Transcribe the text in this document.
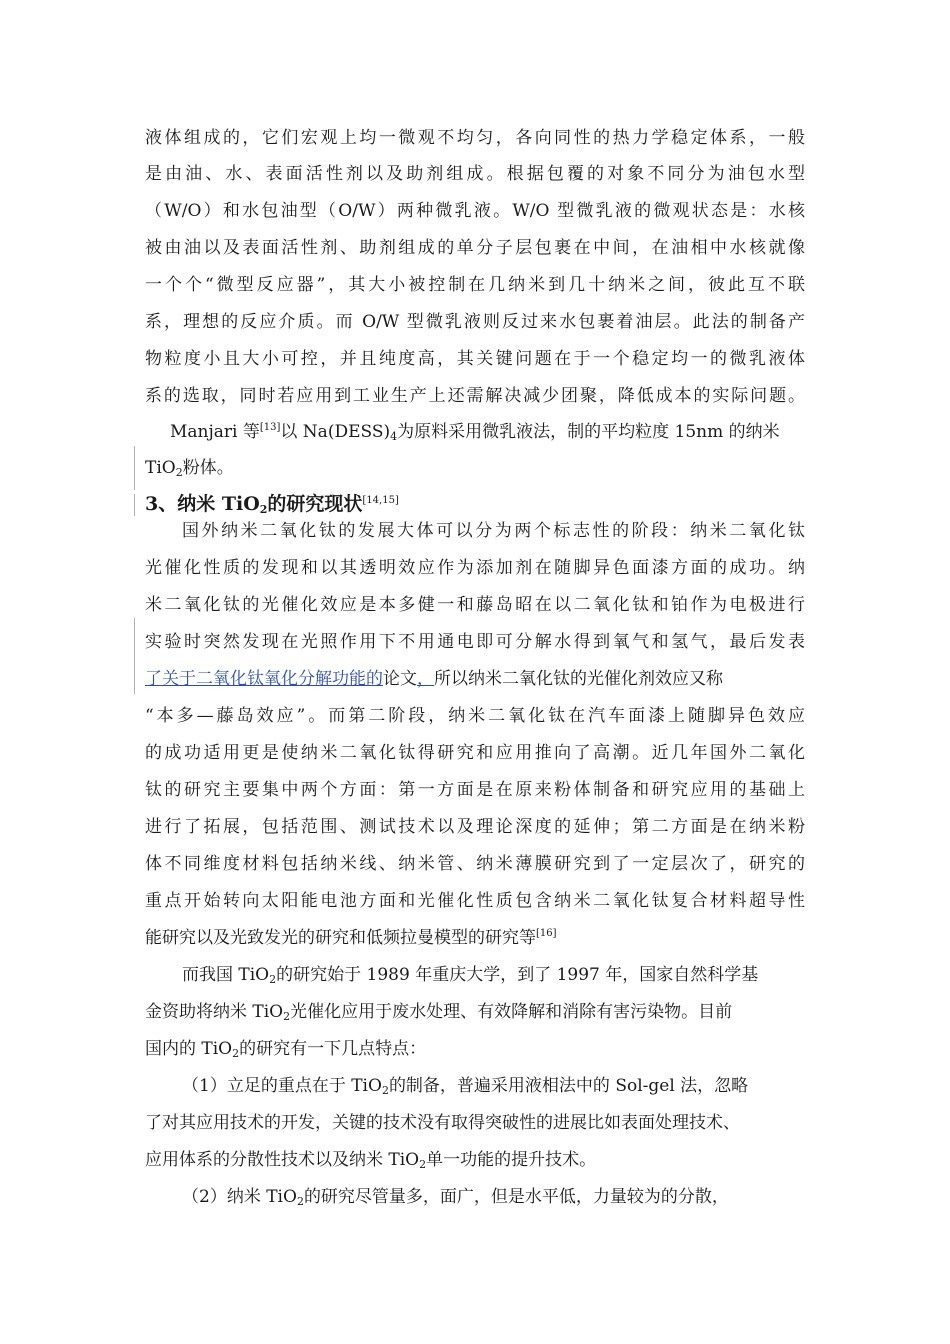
液体组成的，它们宏观上均一微观不均匀，各向同性的热力学稳定体系，一般
是由油、水、表面活性剂以及助剂组成。根据包覆的对象不同分为油包水型
（W/O）和水包油型（O/W）两种微乳液。W/O 型微乳液的微观状态是：水核
被由油以及表面活性剂、助剂组成的单分子层包裹在中间，在油相中水核就像
一个个“微型反应器”，其大小被控制在几纳米到几十纳米之间，彼此互不联
系，理想的反应介质。而 O/W 型微乳液则反过来水包裹着油层。此法的制备产
物粒度小且大小可控，并且纯度高，其关键问题在于一个稳定均一的微乳液体
系的选取，同时若应用到工业生产上还需解决减少团聚，降低成本的实际问题。
Manjari 等[13]以 $Na(DESS)_4$为原料采用微乳液法，制的平均粒度 15nm 的纳米
TiO$_2$粉体。
3、纳米 TiO$_2$的研究现状[14,15]
国外纳米二氧化钛的发展大体可以分为两个标志性的阶段：纳米二氧化钛
光催化性质的发现和以其透明效应作为添加剂在随脚异色面漆方面的成功。纳
米二氧化钛的光催化效应是本多健一和藤岛昭在以二氧化钛和铂作为电极进行
实验时突然发现在光照作用下不用通电即可分解水得到氧气和氢气，最后发表
了关于二氧化钛氧化分解功能的论文，所以纳米二氧化钛的光催化剂效应又称
“本多—藤岛效应”。而第二阶段，纳米二氧化钛在汽车面漆上随脚异色效应
的成功适用更是使纳米二氧化钛得研究和应用推向了高潮。近几年国外二氧化
钛的研究主要集中两个方面：第一方面是在原来粉体制备和研究应用的基础上
进行了拓展，包括范围、测试技术以及理论深度的延伸；第二方面是在纳米粉
体不同维度材料包括纳米线、纳米管、纳米薄膜研究到了一定层次了，研究的
重点开始转向太阳能电池方面和光催化性质包含纳米二氧化钛复合材料超导性
能研究以及光致发光的研究和低频拉曼模型的研究等[16]
而我国 TiO$_2$的研究始于 1989 年重庆大学，到了 1997 年，国家自然科学基
金资助将纳米 TiO$_2$光催化应用于废水处理、有效降解和消除有害污染物。目前
国内的 TiO$_2$的研究有一下几点特点：
（1）立足的重点在于 TiO$_2$的制备，普遍采用液相法中的 Sol-gel 法，忽略
了对其应用技术的开发，关键的技术没有取得突破性的进展比如表面处理技术、
应用体系的分散性技术以及纳米 TiO$_2$单一功能的提升技术。
（2）纳米 TiO$_2$的研究尽管量多，面广，但是水平低，力量较为的分散，
